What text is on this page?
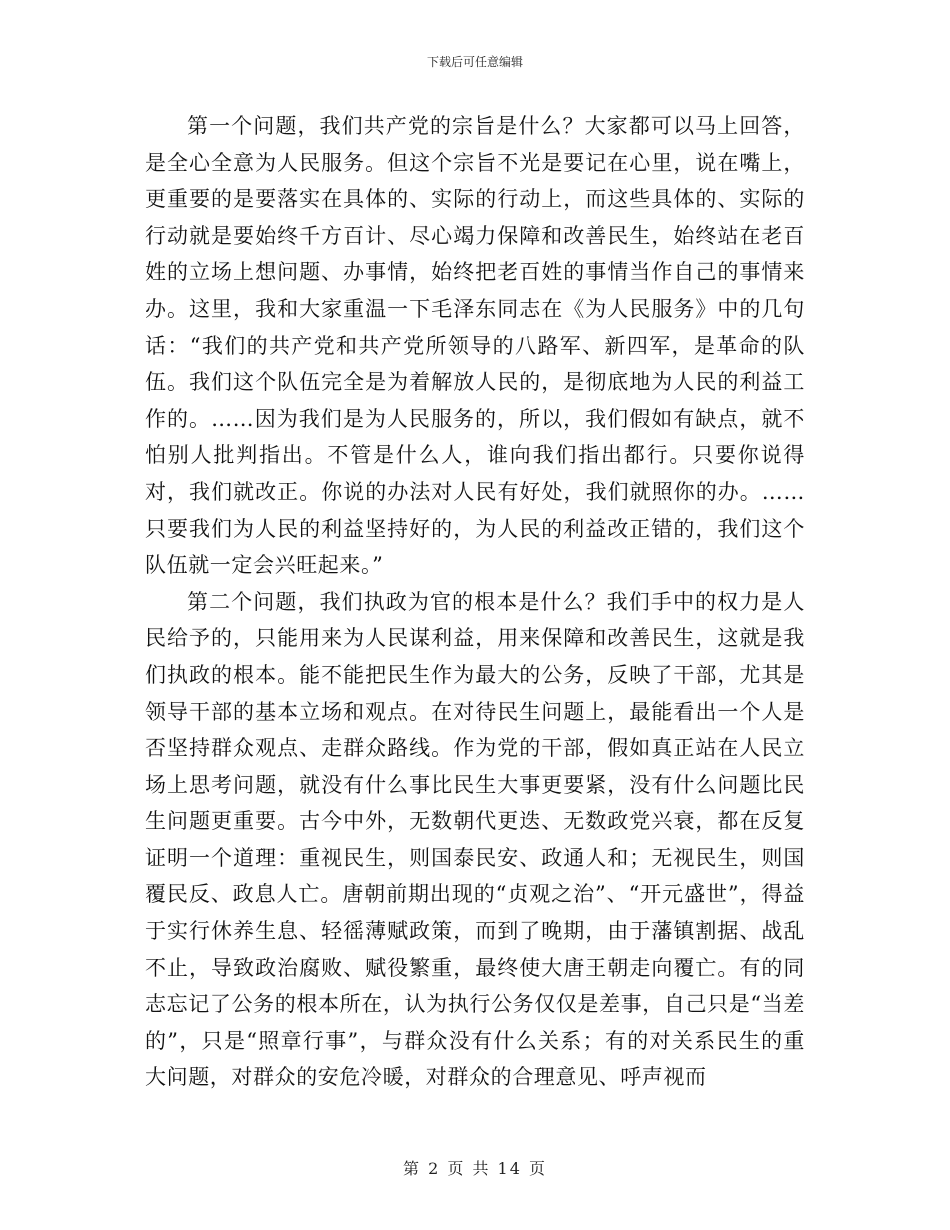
下载后可任意编辑

第一个问题，我们共产党的宗旨是什么？大家都可以马上回答，是全心全意为人民服务。但这个宗旨不光是要记在心里，说在嘴上，更重要的是要落实在具体的、实际的行动上，而这些具体的、实际的行动就是要始终千方百计、尽心竭力保障和改善民生，始终站在老百姓的立场上想问题、办事情，始终把老百姓的事情当作自己的事情来办。这里，我和大家重温一下毛泽东同志在《为人民服务》中的几句话：“我们的共产党和共产党所领导的八路军、新四军，是革命的队伍。我们这个队伍完全是为着解放人民的，是彻底地为人民的利益工作的。……因为我们是为人民服务的，所以，我们假如有缺点，就不怕别人批判指出。不管是什么人，谁向我们指出都行。只要你说得对，我们就改正。你说的办法对人民有好处，我们就照你的办。……只要我们为人民的利益坚持好的，为人民的利益改正错的，我们这个队伍就一定会兴旺起来。”

第二个问题，我们执政为官的根本是什么？我们手中的权力是人民给予的，只能用来为人民谋利益，用来保障和改善民生，这就是我们执政的根本。能不能把民生作为最大的公务，反映了干部，尤其是领导干部的基本立场和观点。在对待民生问题上，最能看出一个人是否坚持群众观点、走群众路线。作为党的干部，假如真正站在人民立场上思考问题，就没有什么事比民生大事更要紧，没有什么问题比民生问题更重要。古今中外，无数朝代更迭、无数政党兴衰，都在反复证明一个道理：重视民生，则国泰民安、政通人和；无视民生，则国覆民反、政息人亡。唐朝前期出现的“贞观之治”、“开元盛世”，得益于实行休养生息、轻徭薄赋政策，而到了晚期，由于藩镇割据、战乱不止，导致政治腐败、赋役繁重，最终使大唐王朝走向覆亡。有的同志忘记了公务的根本所在，认为执行公务仅仅是差事，自己只是“当差的”，只是“照章行事”，与群众没有什么关系；有的对关系民生的重大问题，对群众的安危冷暖，对群众的合理意见、呼声视而

第 2 页 共 14 页
